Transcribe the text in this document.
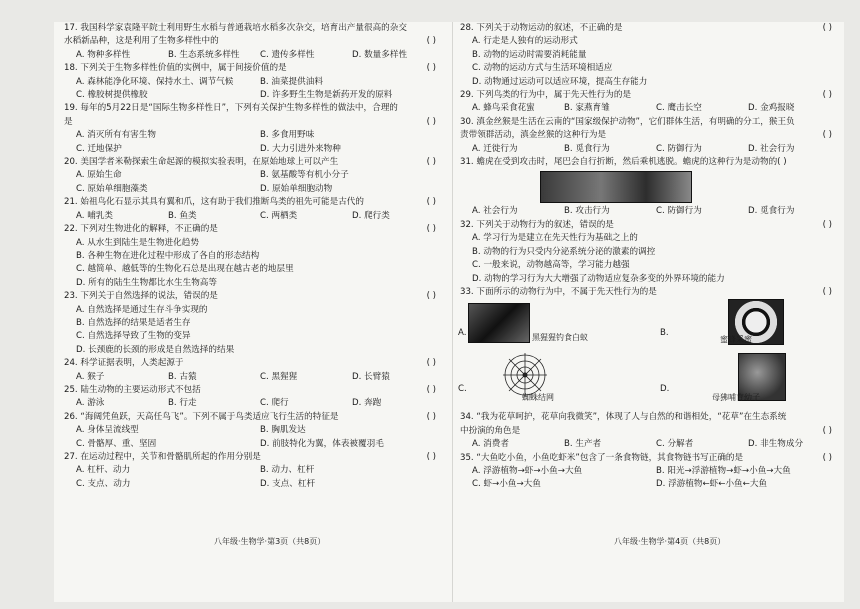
17. 我国科学家袁隆平院士利用野生水稻与普通栽培水稻多次杂交，培育出产量很高的杂交
水稻新品种，这是利用了生物多样性中的	( )
A. 物种多样性	B. 生态系统多样性	C. 遗传多样性	D. 数量多样性
18. 下列关于生物多样性价值的实例中，属于间接价值的是	( )
A. 森林能净化环境、保持水土、调节气候	B. 油菜提供油料
C. 橡胶树提供橡胶	D. 许多野生生物是新药开发的原料
19. 每年的5月22日是“国际生物多样性日”，下列有关保护生物多样性的做法中，合理的
是	( )
A. 消灭所有有害生物	B. 多食用野味
C. 迁地保护	D. 大力引进外来物种
20. 美国学者米勒探索生命起源的模拟实验表明，在原始地球上可以产生	( )
A. 原始生命	B. 氨基酸等有机小分子
C. 原始单细胞藻类	D. 原始单细胞动物
21. 始祖鸟化石显示其具有翼和爪，这有助于我们推断鸟类的祖先可能是古代的	( )
A. 哺乳类	B. 鱼类	C. 两栖类	D. 爬行类
22. 下列对生物进化的解释，不正确的是	( )
A. 从水生到陆生是生物进化趋势
B. 各种生物在进化过程中形成了各自的形态结构
C. 越简单、越低等的生物化石总是出现在越古老的地层里
D. 所有的陆生生物都比水生生物高等
23. 下列关于自然选择的说法，错误的是	( )
A. 自然选择是通过生存斗争实现的
B. 自然选择的结果是适者生存
C. 自然选择导致了生物的变异
D. 长颈鹿的长颈的形成是自然选择的结果
24. 科学证据表明，人类起源于	( )
A. 猴子	B. 古猿	C. 黑猩猩	D. 长臂猿
25. 陆生动物的主要运动形式不包括	( )
A. 游泳	B. 行走	C. 爬行	D. 奔跑
26. “海阔凭鱼跃，天高任鸟飞”。下列不属于鸟类适应飞行生活的特征是	( )
A. 身体呈流线型	B. 胸肌发达
C. 骨骼厚、重、坚固	D. 前肢特化为翼，体表被覆羽毛
27. 在运动过程中，关节和骨骼肌所起的作用分别是	( )
A. 杠杆、动力	B. 动力、杠杆
C. 支点、动力	D. 支点、杠杆
28. 下列关于动物运动的叙述，不正确的是	( )
A. 行走是人独有的运动形式
B. 动物的运动时需要消耗能量
C. 动物的运动方式与生活环境相适应
D. 动物通过运动可以适应环境，提高生存能力
29. 下列鸟类的行为中，属于先天性行为的是	( )
A. 蜂鸟采食花蜜	B. 家燕育雏	C. 鹰击长空	D. 金鸡报晓
30. 滇金丝猴是生活在云南的“国家级保护动物”，它们群体生活，有明确的分工，猴王负
责带领群活动，滇金丝猴的这种行为是	( )
A. 迁徙行为	B. 觅食行为	C. 防御行为	D. 社会行为
31. 蟾虎在受到攻击时，尾巴会自行折断，然后乘机逃脱。蟾虎的这种行为是动物的( )
A. 社会行为	B. 攻击行为	C. 防御行为	D. 觅食行为
32. 下列关于动物行为的叙述，错误的是	( )
A. 学习行为是建立在先天性行为基础之上的
B. 动物的行为只受内分泌系统分泌的激素的调控
C. 一般来说，动物越高等，学习能力越强
D. 动物的学习行为大大增强了动物适应复杂多变的外界环境的能力
33. 下面所示的动物行为中，不属于先天性行为的是	( )
A.	黑猩猩钓食白蚁	B.
蜜蜂采蜜
C.
蜘蛛结网
D.
母狒哺育幼子
34. “我为花草呵护，花草向我微笑”，体现了人与自然的和谐相处，“花草”在生态系统
中扮演的角色是	( )
A. 消费者	B. 生产者	C. 分解者	D. 非生物成分
35. “大鱼吃小鱼，小鱼吃虾米”包含了一条食物链，其食物链书写正确的是	( )
A. 浮游植物→虾→小鱼→大鱼	B. 阳光→浮游植物→虾→小鱼→大鱼
C. 虾→小鱼→大鱼	D. 浮游植物←虾←小鱼←大鱼
八年级·生物学·第3页（共8页）	八年级·生物学·第4页（共8页）
